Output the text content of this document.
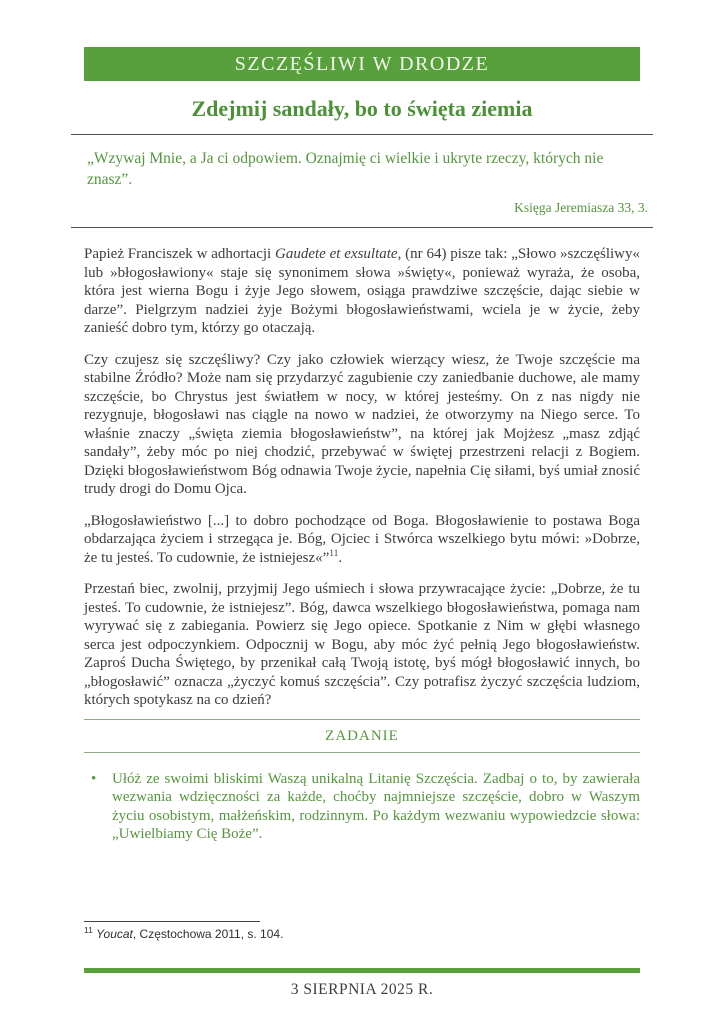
SZCZĘŚLIWI W DRODZE
Zdejmij sandały, bo to święta ziemia

„Wzywaj Mnie, a Ja ci odpowiem. Oznajmię ci wielkie i ukryte rzeczy, których nie znasz”.

Księga Jeremiasza 33, 3.

Papież Franciszek w adhortacji Gaudete et exsultate, (nr 64) pisze tak: „Słowo »szczęśliwy« lub »błogosławiony« staje się synonimem słowa »święty«, ponieważ wyraża, że osoba, która jest wierna Bogu i żyje Jego słowem, osiąga prawdziwe szczęście, dając siebie w darze”. Pielgrzym nadziei żyje Bożymi błogosławieństwami, wciela je w życie, żeby zanieść dobro tym, którzy go otaczają.

Czy czujesz się szczęśliwy? Czy jako człowiek wierzący wiesz, że Twoje szczęście ma stabilne Źródło? Może nam się przydarzyć zagubienie czy zaniedbanie duchowe, ale mamy szczęście, bo Chrystus jest światłem w nocy, w której jesteśmy. On z nas nigdy nie rezygnuje, błogosławi nas ciągle na nowo w nadziei, że otworzymy na Niego serce. To właśnie znaczy „święta ziemia błogosławieństw”, na której jak Mojżesz „masz zdjąć sandały”, żeby móc po niej chodzić, przebywać w świętej przestrzeni relacji z Bogiem. Dzięki błogosławieństwom Bóg odnawia Twoje życie, napełnia Cię siłami, byś umiał znosić trudy drogi do Domu Ojca.

„Błogosławieństwo [...] to dobro pochodzące od Boga. Błogosławienie to postawa Boga obdarzająca życiem i strzegąca je. Bóg, Ojciec i Stwórca wszelkiego bytu mówi: »Dobrze, że tu jesteś. To cudownie, że istniejesz«”$^{11}$.

Przestań biec, zwolnij, przyjmij Jego uśmiech i słowa przywracające życie: „Dobrze, że tu jesteś. To cudownie, że istniejesz”. Bóg, dawca wszelkiego błogosławieństwa, pomaga nam wyrywać się z zabiegania. Powierz się Jego opiece. Spotkanie z Nim w głębi własnego serca jest odpoczynkiem. Odpocznij w Bogu, aby móc żyć pełnią Jego błogosławieństw. Zaproś Ducha Świętego, by przenikał całą Twoją istotę, byś mógł błogosławić innych, bo „błogosławić” oznacza „życzyć komuś szczęścia”. Czy potrafisz życzyć szczęścia ludziom, których spotykasz na co dzień?

ZADANIE
•	Ułóż ze swoimi bliskimi Waszą unikalną Litanię Szczęścia. Zadbaj o to, by zawierała wezwania wdzięczności za każde, choćby najmniejsze szczęście, dobro w Waszym życiu osobistym, małżeńskim, rodzinnym. Po każdym wezwaniu wypowiedzcie słowa: „Uwielbiamy Cię Boże”.

$^{11}$ Youcat, Częstochowa 2011, s. 104.

3 SIERPNIA 2025 R.
